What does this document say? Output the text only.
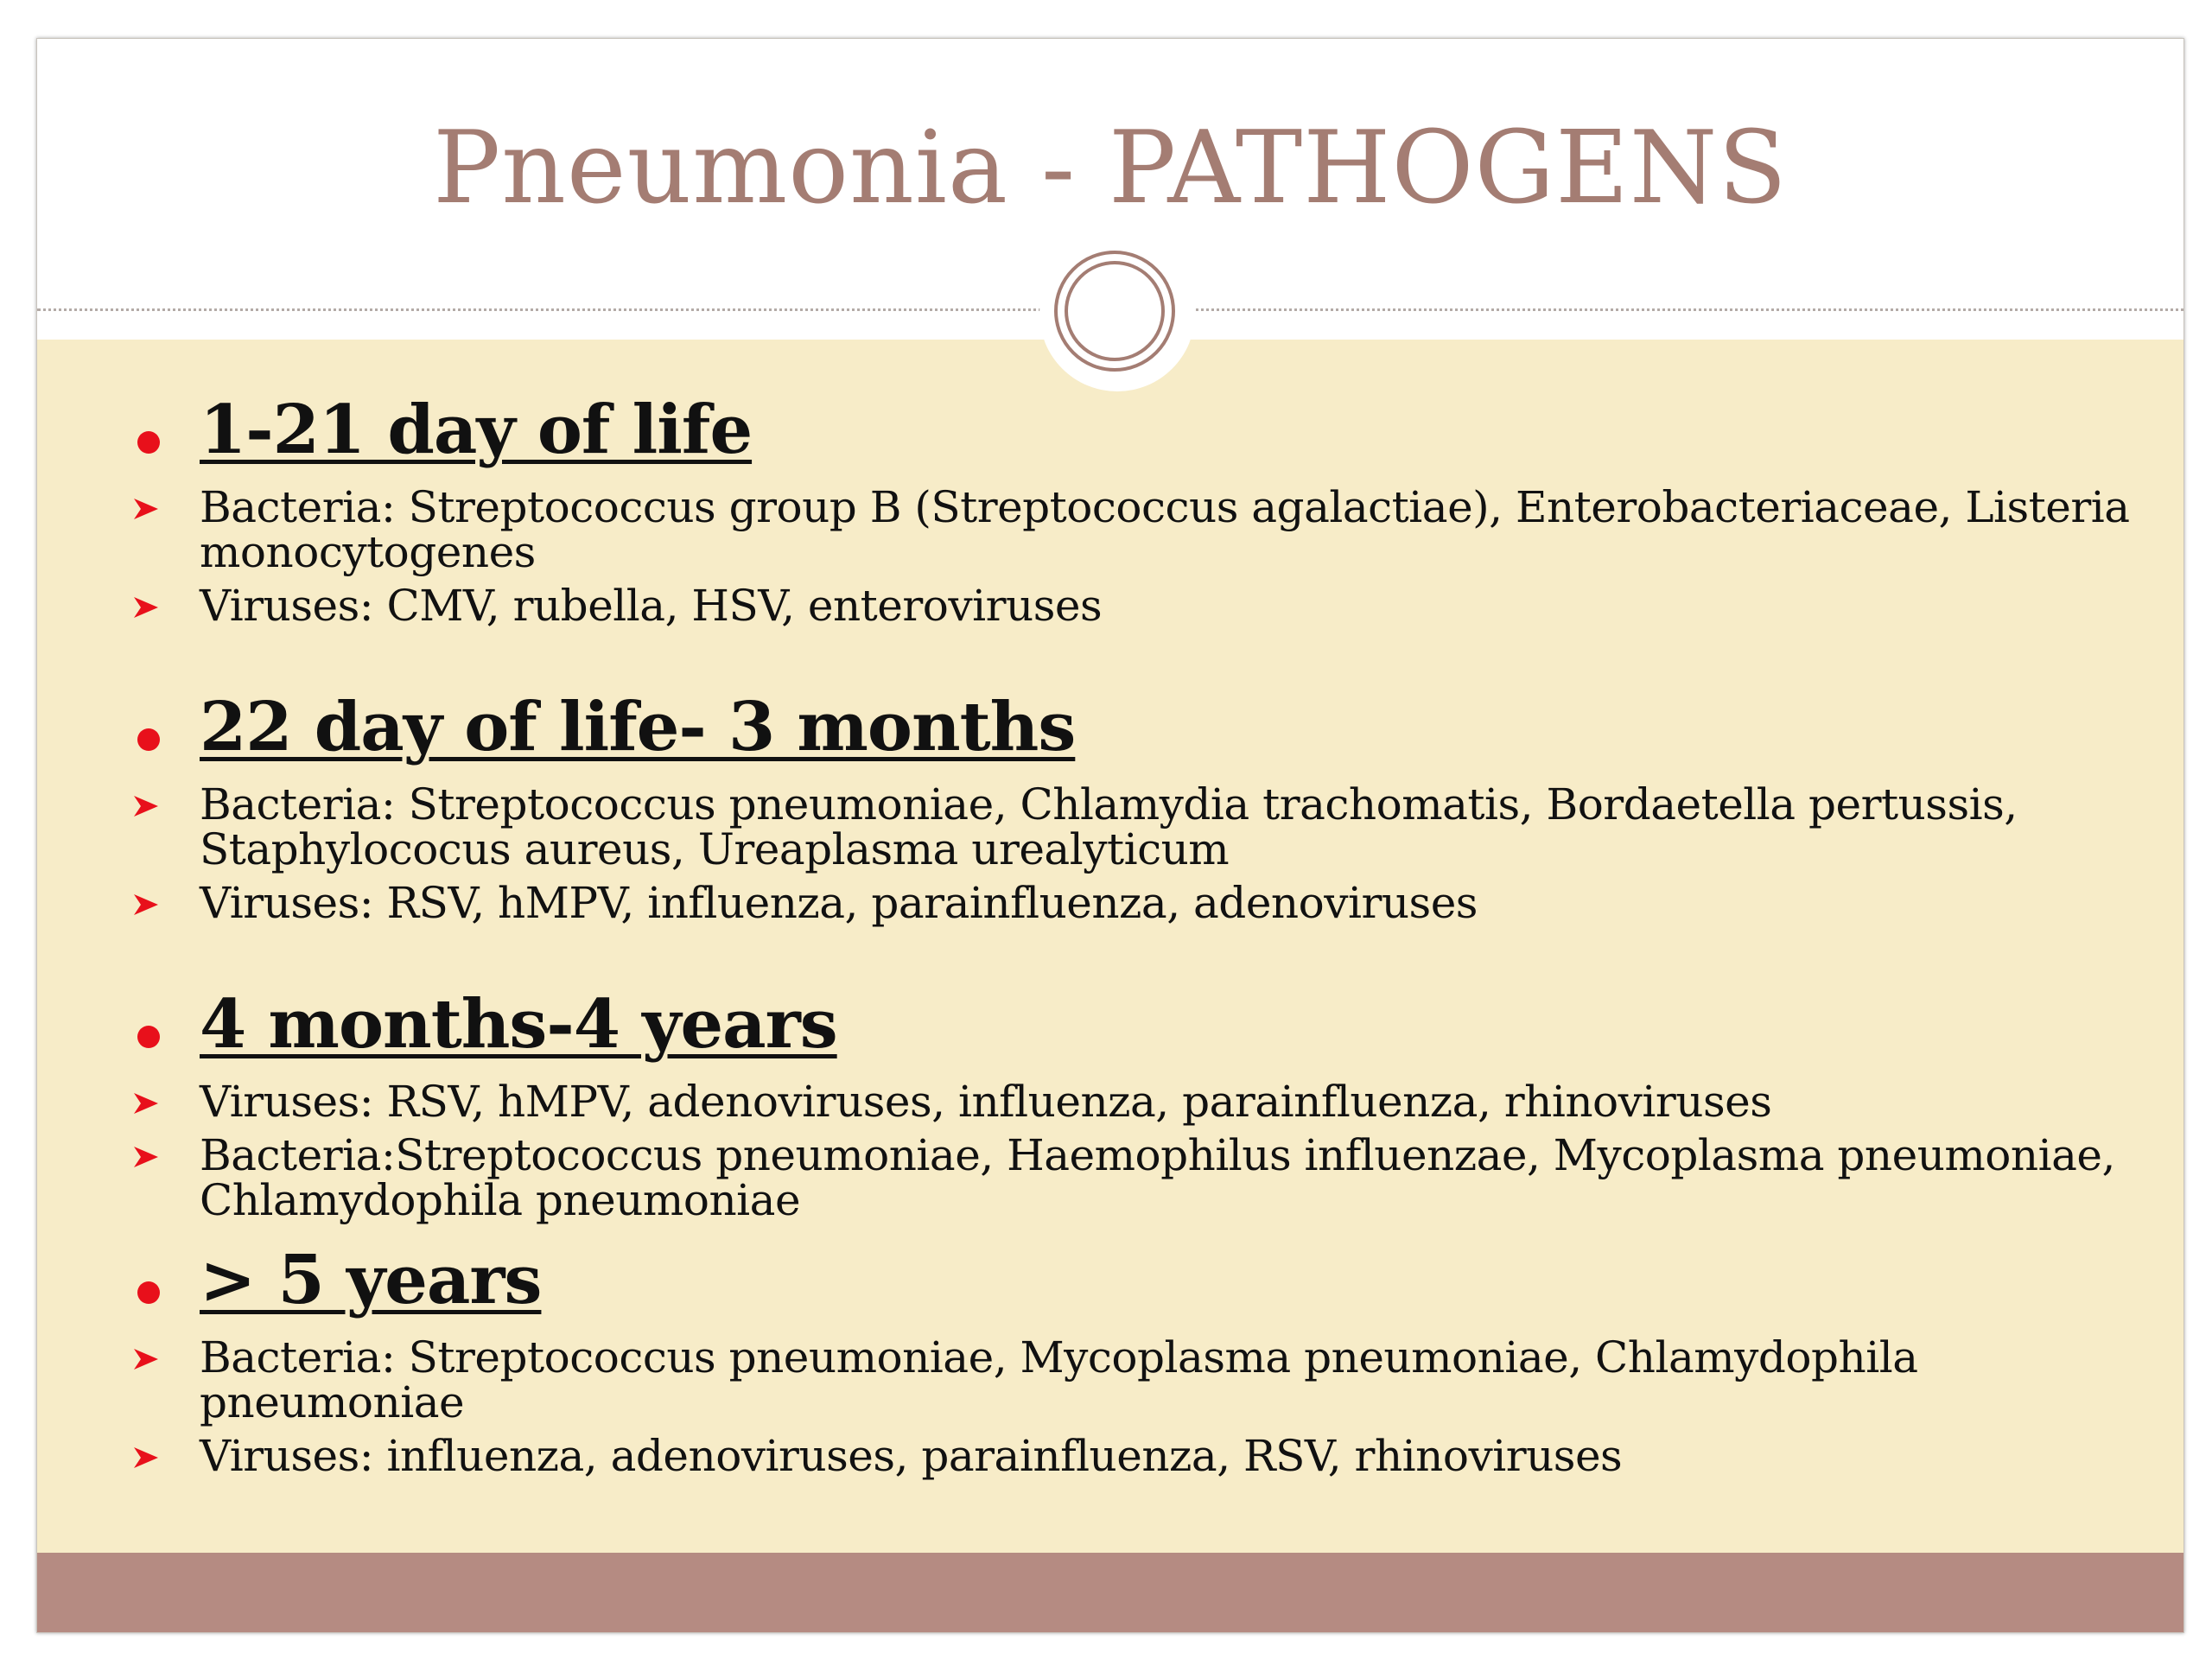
Pneumonia - PATHOGENS
1-21 day of life
Bacteria: Streptococcus group B (Streptococcus agalactiae), Enterobacteriaceae, Listeria monocytogenes
Viruses: CMV, rubella, HSV, enteroviruses
22 day of life- 3 months
Bacteria: Streptococcus pneumoniae, Chlamydia trachomatis, Bordaetella pertussis, Staphylococus aureus, Ureaplasma urealyticum
Viruses: RSV, hMPV, influenza, parainfluenza, adenoviruses
4 months-4 years
Viruses: RSV, hMPV, adenoviruses, influenza, parainfluenza, rhinoviruses
Bacteria:Streptococcus pneumoniae, Haemophilus influenzae, Mycoplasma pneumoniae, Chlamydophila pneumoniae
> 5 years
Bacteria: Streptococcus pneumoniae, Mycoplasma pneumoniae, Chlamydophila pneumoniae
Viruses: influenza, adenoviruses, parainfluenza, RSV, rhinoviruses
